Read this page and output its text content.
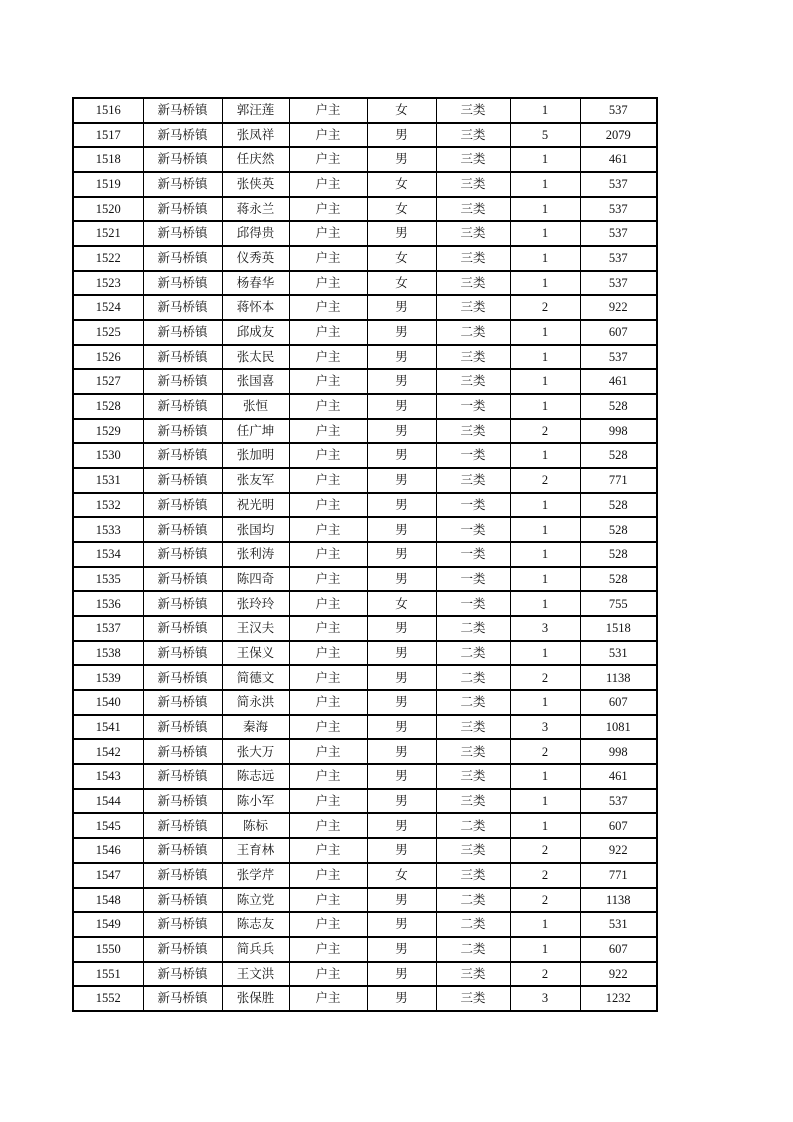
1516	新马桥镇	郭汪莲	户主	女	三类	1	537
1517	新马桥镇	张凤祥	户主	男	三类	5	2079
1518	新马桥镇	任庆然	户主	男	三类	1	461
1519	新马桥镇	张侠英	户主	女	三类	1	537
1520	新马桥镇	蒋永兰	户主	女	三类	1	537
1521	新马桥镇	邱得贵	户主	男	三类	1	537
1522	新马桥镇	仪秀英	户主	女	三类	1	537
1523	新马桥镇	杨春华	户主	女	三类	1	537
1524	新马桥镇	蒋怀本	户主	男	三类	2	922
1525	新马桥镇	邱成友	户主	男	二类	1	607
1526	新马桥镇	张太民	户主	男	三类	1	537
1527	新马桥镇	张国喜	户主	男	三类	1	461
1528	新马桥镇	张恒	户主	男	一类	1	528
1529	新马桥镇	任广坤	户主	男	三类	2	998
1530	新马桥镇	张加明	户主	男	一类	1	528
1531	新马桥镇	张友军	户主	男	三类	2	771
1532	新马桥镇	祝光明	户主	男	一类	1	528
1533	新马桥镇	张国均	户主	男	一类	1	528
1534	新马桥镇	张利涛	户主	男	一类	1	528
1535	新马桥镇	陈四奇	户主	男	一类	1	528
1536	新马桥镇	张玲玲	户主	女	一类	1	755
1537	新马桥镇	王汉夫	户主	男	二类	3	1518
1538	新马桥镇	王保义	户主	男	二类	1	531
1539	新马桥镇	简德文	户主	男	二类	2	1138
1540	新马桥镇	简永洪	户主	男	二类	1	607
1541	新马桥镇	秦海	户主	男	三类	3	1081
1542	新马桥镇	张大万	户主	男	三类	2	998
1543	新马桥镇	陈志远	户主	男	三类	1	461
1544	新马桥镇	陈小军	户主	男	三类	1	537
1545	新马桥镇	陈标	户主	男	二类	1	607
1546	新马桥镇	王育林	户主	男	三类	2	922
1547	新马桥镇	张学芹	户主	女	三类	2	771
1548	新马桥镇	陈立党	户主	男	二类	2	1138
1549	新马桥镇	陈志友	户主	男	二类	1	531
1550	新马桥镇	简兵兵	户主	男	二类	1	607
1551	新马桥镇	王文洪	户主	男	三类	2	922
1552	新马桥镇	张保胜	户主	男	三类	3	1232
